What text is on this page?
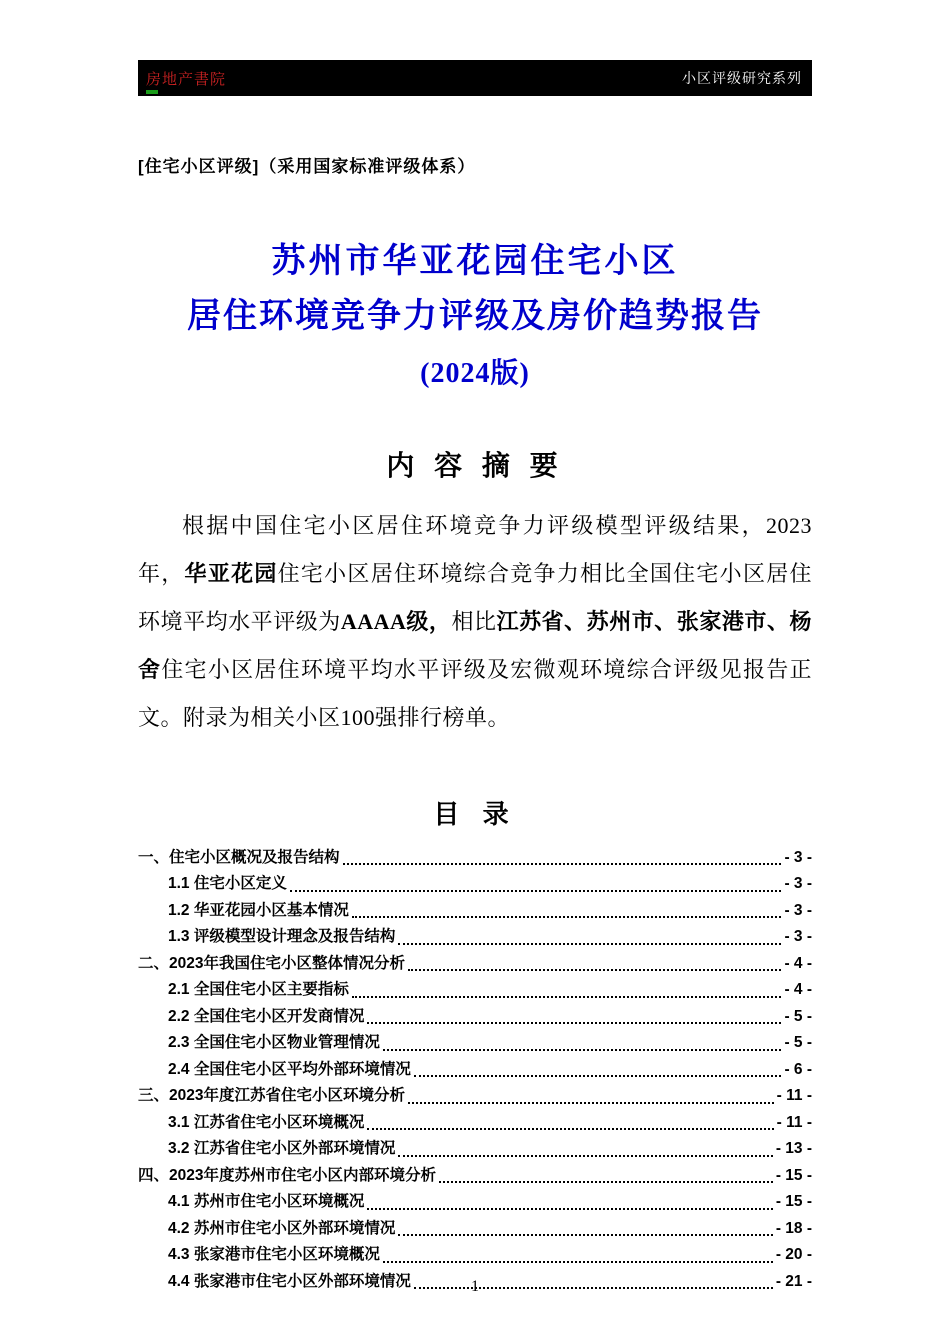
房地产書院	小区评级研究系列
[住宅小区评级]（采用国家标准评级体系）
苏州市华亚花园住宅小区
居住环境竞争力评级及房价趋势报告
(2024版)
内 容 摘 要
根据中国住宅小区居住环境竞争力评级模型评级结果，2023年，华亚花园住宅小区居住环境综合竞争力相比全国住宅小区居住环境平均水平评级为AAAA级，相比江苏省、苏州市、张家港市、杨舍住宅小区居住环境平均水平评级及宏微观环境综合评级见报告正文。附录为相关小区100强排行榜单。
目 录
一、住宅小区概况及报告结构	- 3 -
1.1 住宅小区定义	- 3 -
1.2 华亚花园小区基本情况	- 3 -
1.3 评级模型设计理念及报告结构	- 3 -
二、2023年我国住宅小区整体情况分析	- 4 -
2.1 全国住宅小区主要指标	- 4 -
2.2 全国住宅小区开发商情况	- 5 -
2.3 全国住宅小区物业管理情况	- 5 -
2.4 全国住宅小区平均外部环境情况	- 6 -
三、2023年度江苏省住宅小区环境分析	- 11 -
3.1 江苏省住宅小区环境概况	- 11 -
3.2 江苏省住宅小区外部环境情况	- 13 -
四、2023年度苏州市住宅小区内部环境分析	- 15 -
4.1 苏州市住宅小区环境概况	- 15 -
4.2 苏州市住宅小区外部环境情况	- 18 -
4.3 张家港市住宅小区环境概况	- 20 -
4.4 张家港市住宅小区外部环境情况	- 21 -
1
